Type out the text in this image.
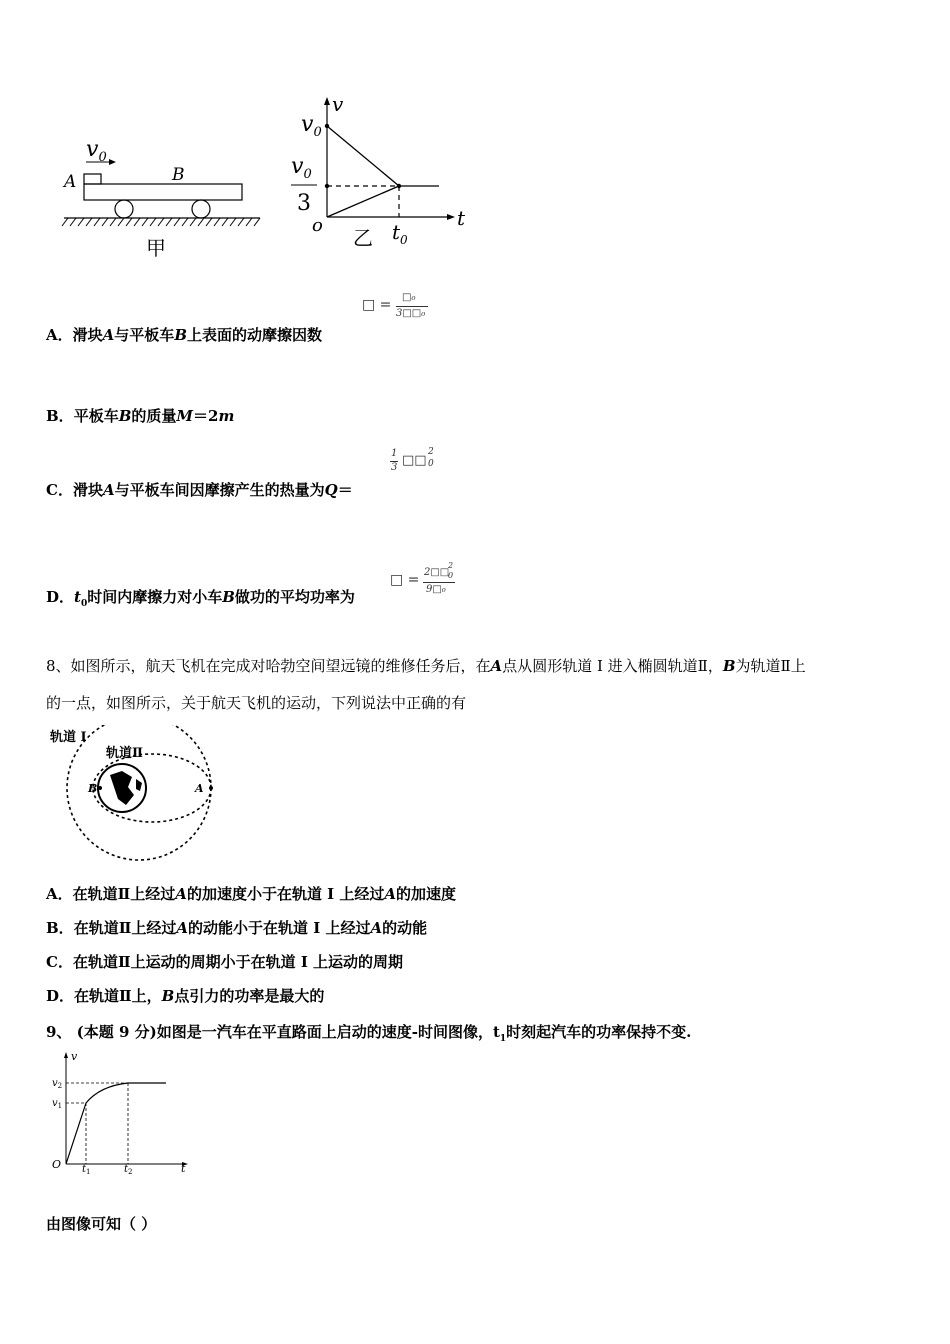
$v_0$
A	B
甲
v
t
o
$v_0$
$v_0$
3
$t_0$
乙
□ = □₀
3□□₀
A．滑块A与平板车B上表面的动摩擦因数
B．平板车B的质量M＝2m
1
3 □□
2
0
C．滑块A与平板车间因摩擦产生的热量为Q＝
□ = 2□□
2
0
9□₀
D．$t_0$时间内摩擦力对小车B做功的平均功率为
8、如图所示，航天飞机在完成对哈勃空间望远镜的维修任务后，在A点从圆形轨道 I 进入椭圆轨道Ⅱ，B为轨道Ⅱ上
的一点，如图所示，关于航天飞机的运动，下列说法中正确的有
轨道 I
轨道Ⅱ
B	A
A．在轨道Ⅱ上经过A的加速度小于在轨道 I 上经过A的加速度
B．在轨道Ⅱ上经过A的动能小于在轨道 I 上经过A的动能
C．在轨道Ⅱ上运动的周期小于在轨道 I 上运动的周期
D．在轨道Ⅱ上，B点引力的功率是最大的
9、 (本题 9 分)如图是一汽车在平直路面上启动的速度-时间图像，$t_1$时刻起汽车的功率保持不变.
v
t
O
v2
v1
t1	t2
由图像可知（ ）
